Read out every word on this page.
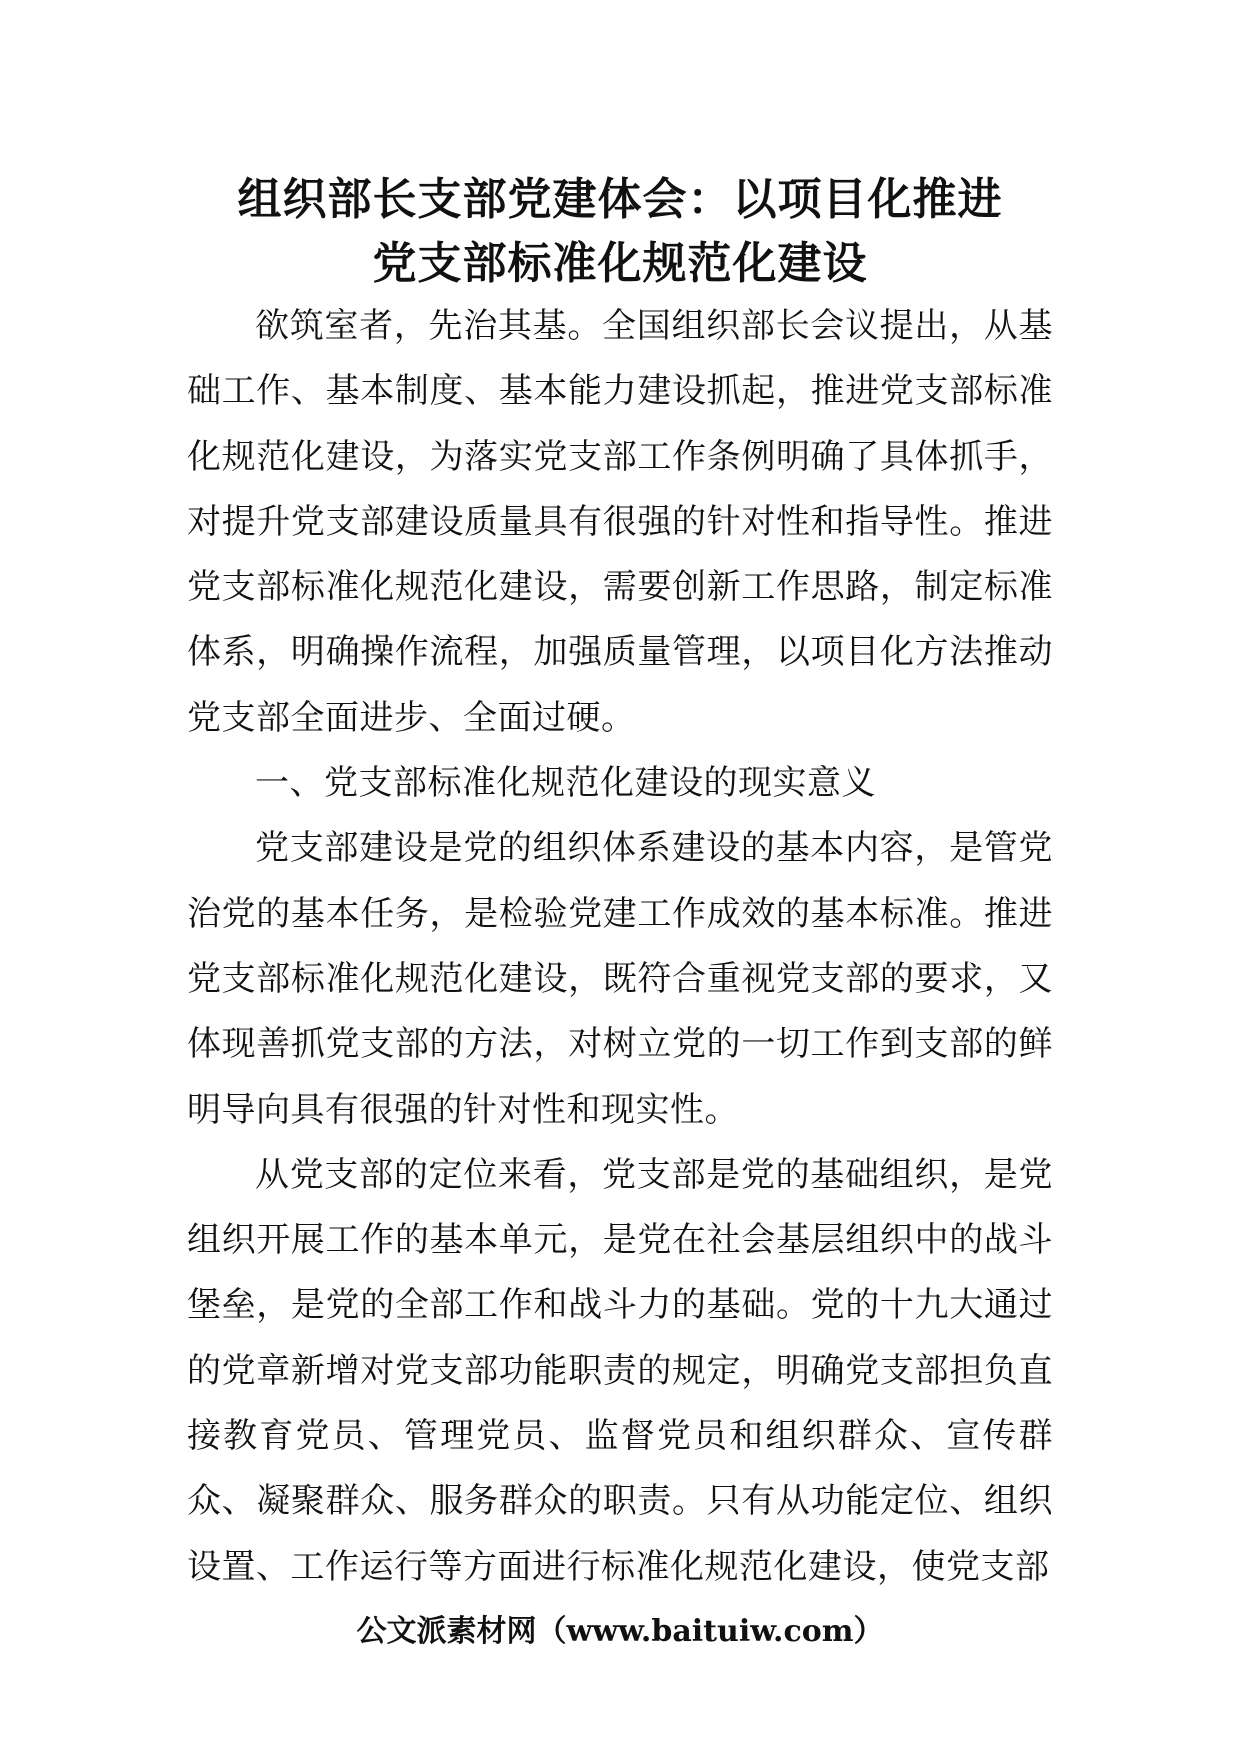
组织部长支部党建体会：以项目化推进
党支部标准化规范化建设

欲筑室者，先治其基。全国组织部长会议提出，从基础工作、基本制度、基本能力建设抓起，推进党支部标准化规范化建设，为落实党支部工作条例明确了具体抓手，对提升党支部建设质量具有很强的针对性和指导性。推进党支部标准化规范化建设，需要创新工作思路，制定标准体系，明确操作流程，加强质量管理，以项目化方法推动党支部全面进步、全面过硬。

一、党支部标准化规范化建设的现实意义

党支部建设是党的组织体系建设的基本内容，是管党治党的基本任务，是检验党建工作成效的基本标准。推进党支部标准化规范化建设，既符合重视党支部的要求，又体现善抓党支部的方法，对树立党的一切工作到支部的鲜明导向具有很强的针对性和现实性。

从党支部的定位来看，党支部是党的基础组织，是党组织开展工作的基本单元，是党在社会基层组织中的战斗堡垒，是党的全部工作和战斗力的基础。党的十九大通过的党章新增对党支部功能职责的规定，明确党支部担负直接教育党员、管理党员、监督党员和组织群众、宣传群众、凝聚群众、服务群众的职责。只有从功能定位、组织设置、工作运行等方面进行标准化规范化建设，使党支部

公文派素材网（www.baituiw.com）
